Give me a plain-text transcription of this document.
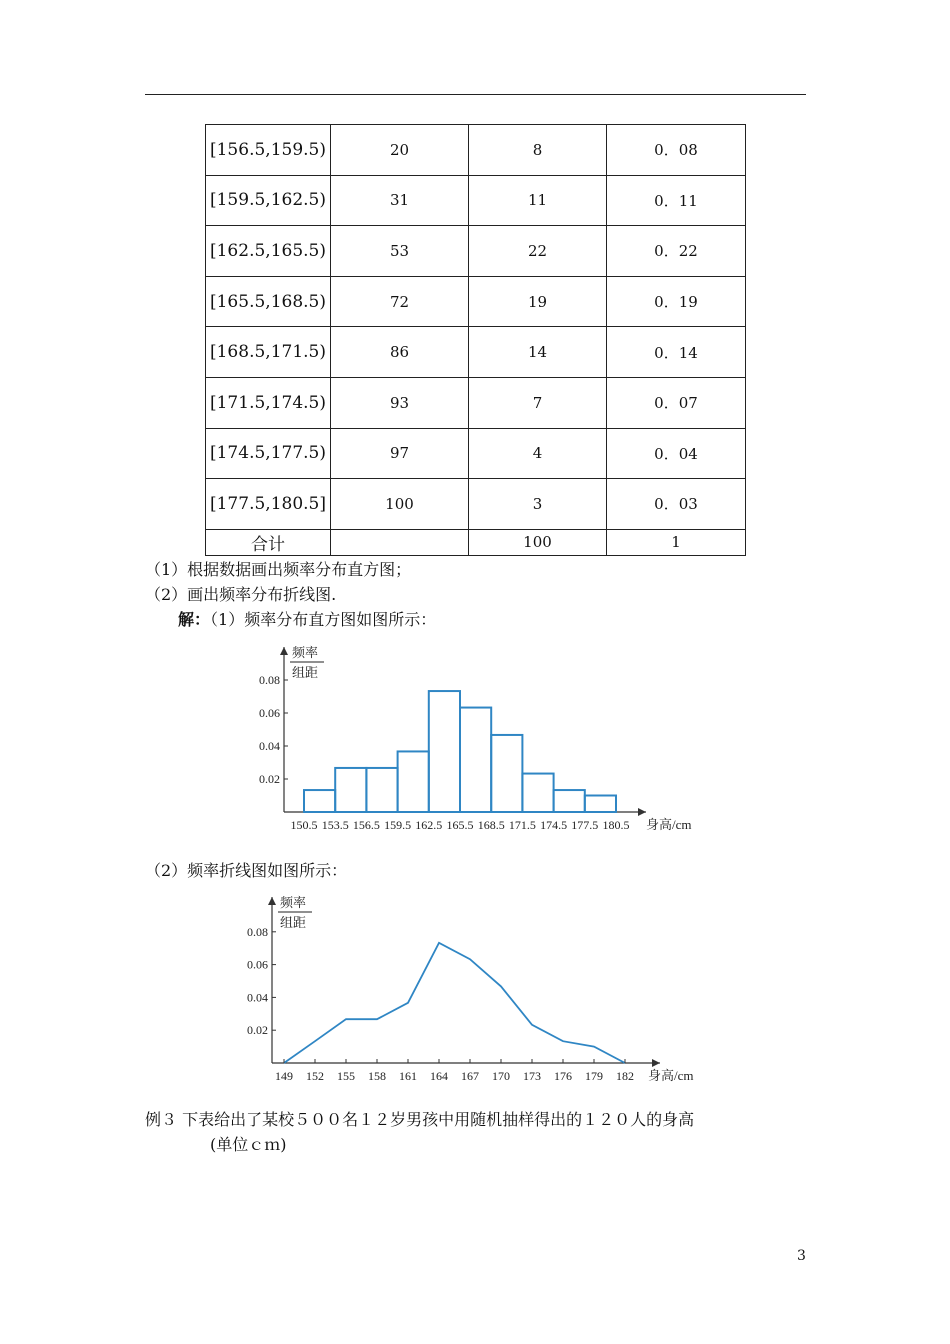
[156.5,159.5)	20	8	0．08
[159.5,162.5)	31	11	0．11
[162.5,165.5)	53	22	0．22
[165.5,168.5)	72	19	0．19
[168.5,171.5)	86	14	0．14
[171.5,174.5)	93	7	0．07
[174.5,177.5)	97	4	0．04
[177.5,180.5]	100	3	0．03
合计		100	1
（1）根据数据画出频率分布直方图；
（2）画出频率分布折线图.
解：（1）频率分布直方图如图所示：
频率
组距
0.02
0.04
0.06
0.08
身高/cm
150.5 153.5 156.5 159.5 162.5 165.5 168.5 171.5 174.5 177.5 180.5
（2）频率折线图如图所示：
频率
组距
0.02
0.04
0.06
0.08
身高/cm
149 152 155 158 161 164 167 170 173 176 179 182
例３ 下表给出了某校５００名１２岁男孩中用随机抽样得出的１２０人的身高
(单位ｃｍ)
3
